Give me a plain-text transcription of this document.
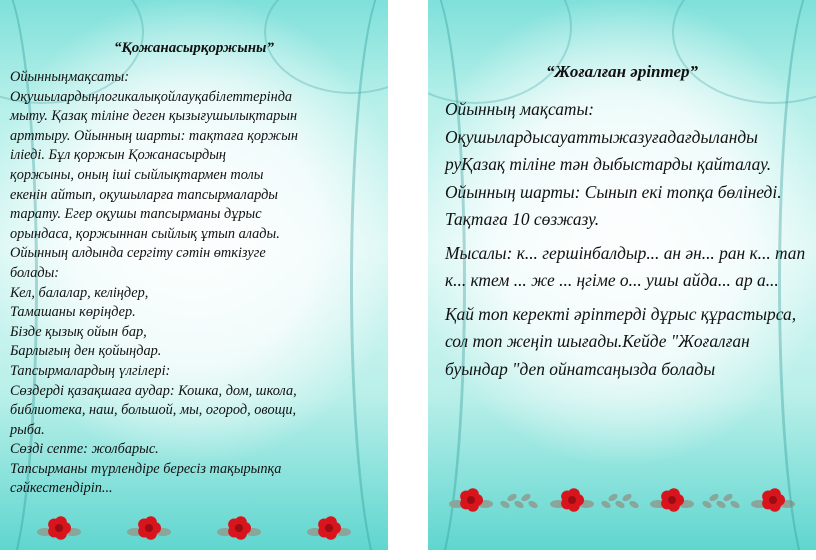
“Қожанасырқоржыны”

Ойынныңмақсаты:

Оқушылардыңлогикалықойлауқабілеттерінда

мыту. Қазақ тіліне деген қызығушылықтарын

арттыру. Ойынның шарты: тақтаға қоржын

іліеді. Бұл қоржын Қожанасырдың

қоржыны, оның іші сыйлықтармен толы

екенін айтып, оқушыларға тапсырмаларды

тарату. Егер оқушы тапсырманы дұрыс

орындаса, қоржыннан сыйлық ұтып алады.

Ойынның алдында сергіту сәтін өткізуге

болады:

Кел, балалар, келіңдер,

Тамашаны көріңдер.

Бізде қызық ойын бар,

Барлығың ден қойыңдар.

Тапсырмалардың үлгілері:

Сөздерді қазақшаға аудар: Кошка, дом, школа,

библиотека, наш, большой, мы, огород, овощи,

рыба.

Сөзді септе: жолбарыс.

Тапсырманы түрлендіре бересіз тақырыпқа

сәйкестендіріп...

“Жоғалған әріптер”

Ойынның мақсаты: Оқушылардысауаттыжазуғадағдыланды руҚазақ тіліне тән дыбыстарды қайталау. Ойынның шарты: Сынып екі топқа бөлінеді. Тақтаға 10 сөзжазу.

Мысалы: к... гершінбалдыр... ан əн... ран к... тап к... ктем ... же ... ңгіме о... ушы айда... ар а...

Қай топ керекті әріптерді дұрыс құрастырса, сол топ жеңіп шығады.Кейде "Жоғалған буындар "деп ойнатсаңызда болады
